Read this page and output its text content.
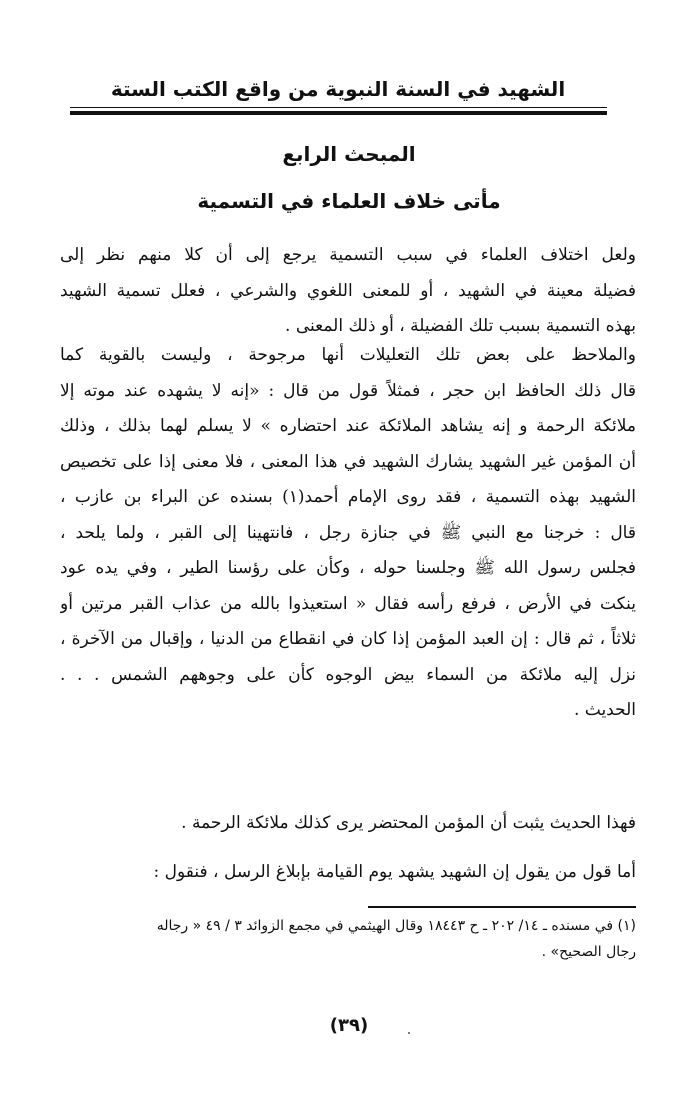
الشهيد في السنة النبوية من واقع الكتب الستة
المبحث الرابع
مأتى خلاف العلماء في التسمية
ولعل اختلاف العلماء في سبب التسمية يرجع إلى أن كلا منهم نظر إلى
فضيلة معينة في الشهيد ، أو للمعنى اللغوي والشرعي ، فعلل تسمية الشهيد
بهذه التسمية بسبب تلك الفضيلة ، أو ذلك المعنى .
والملاحظ على بعض تلك التعليلات أنها مرجوحة ، وليست بالقوية كما
قال ذلك الحافظ ابن حجر ، فمثلاً قول من قال : «إنه لا يشهده عند موته إلا
ملائكة الرحمة و إنه يشاهد الملائكة عند احتضاره » لا يسلم لهما بذلك ، وذلك
أن المؤمن غير الشهيد يشارك الشهيد في هذا المعنى ، فلا معنى إذا على تخصيص
الشهيد بهذه التسمية ، فقد روى الإمام أحمد(١) بسنده عن البراء بن عازب ،
قال : خرجنا مع النبي ﷺ في جنازة رجل ، فانتهينا إلى القبر ، ولما يلحد ،
فجلس رسول الله ﷺ وجلسنا حوله ، وكأن على رؤسنا الطير ، وفي يده عود
ينكت في الأرض ، فرفع رأسه فقال « استعيذوا بالله من عذاب القبر مرتين أو
ثلاثاً ، ثم قال : إن العبد المؤمن إذا كان في انقطاع من الدنيا ، وإقبال من الآخرة ،
نزل إليه ملائكة من السماء بيض الوجوه كأن على وجوههم الشمس . . .
الحديث .
فهذا الحديث يثبت أن المؤمن المحتضر يرى كذلك ملائكة الرحمة .
أما قول من يقول إن الشهيد يشهد يوم القيامة بإبلاغ الرسل ، فنقول :
(١) في مسنده ـ ١٤/ ٢٠٢ ـ ح ١٨٤٤٣ وقال الهيثمي في مجمع الزوائد ٣ / ٤٩ « رجاله
رجال الصحيح» .
(٣٩)
